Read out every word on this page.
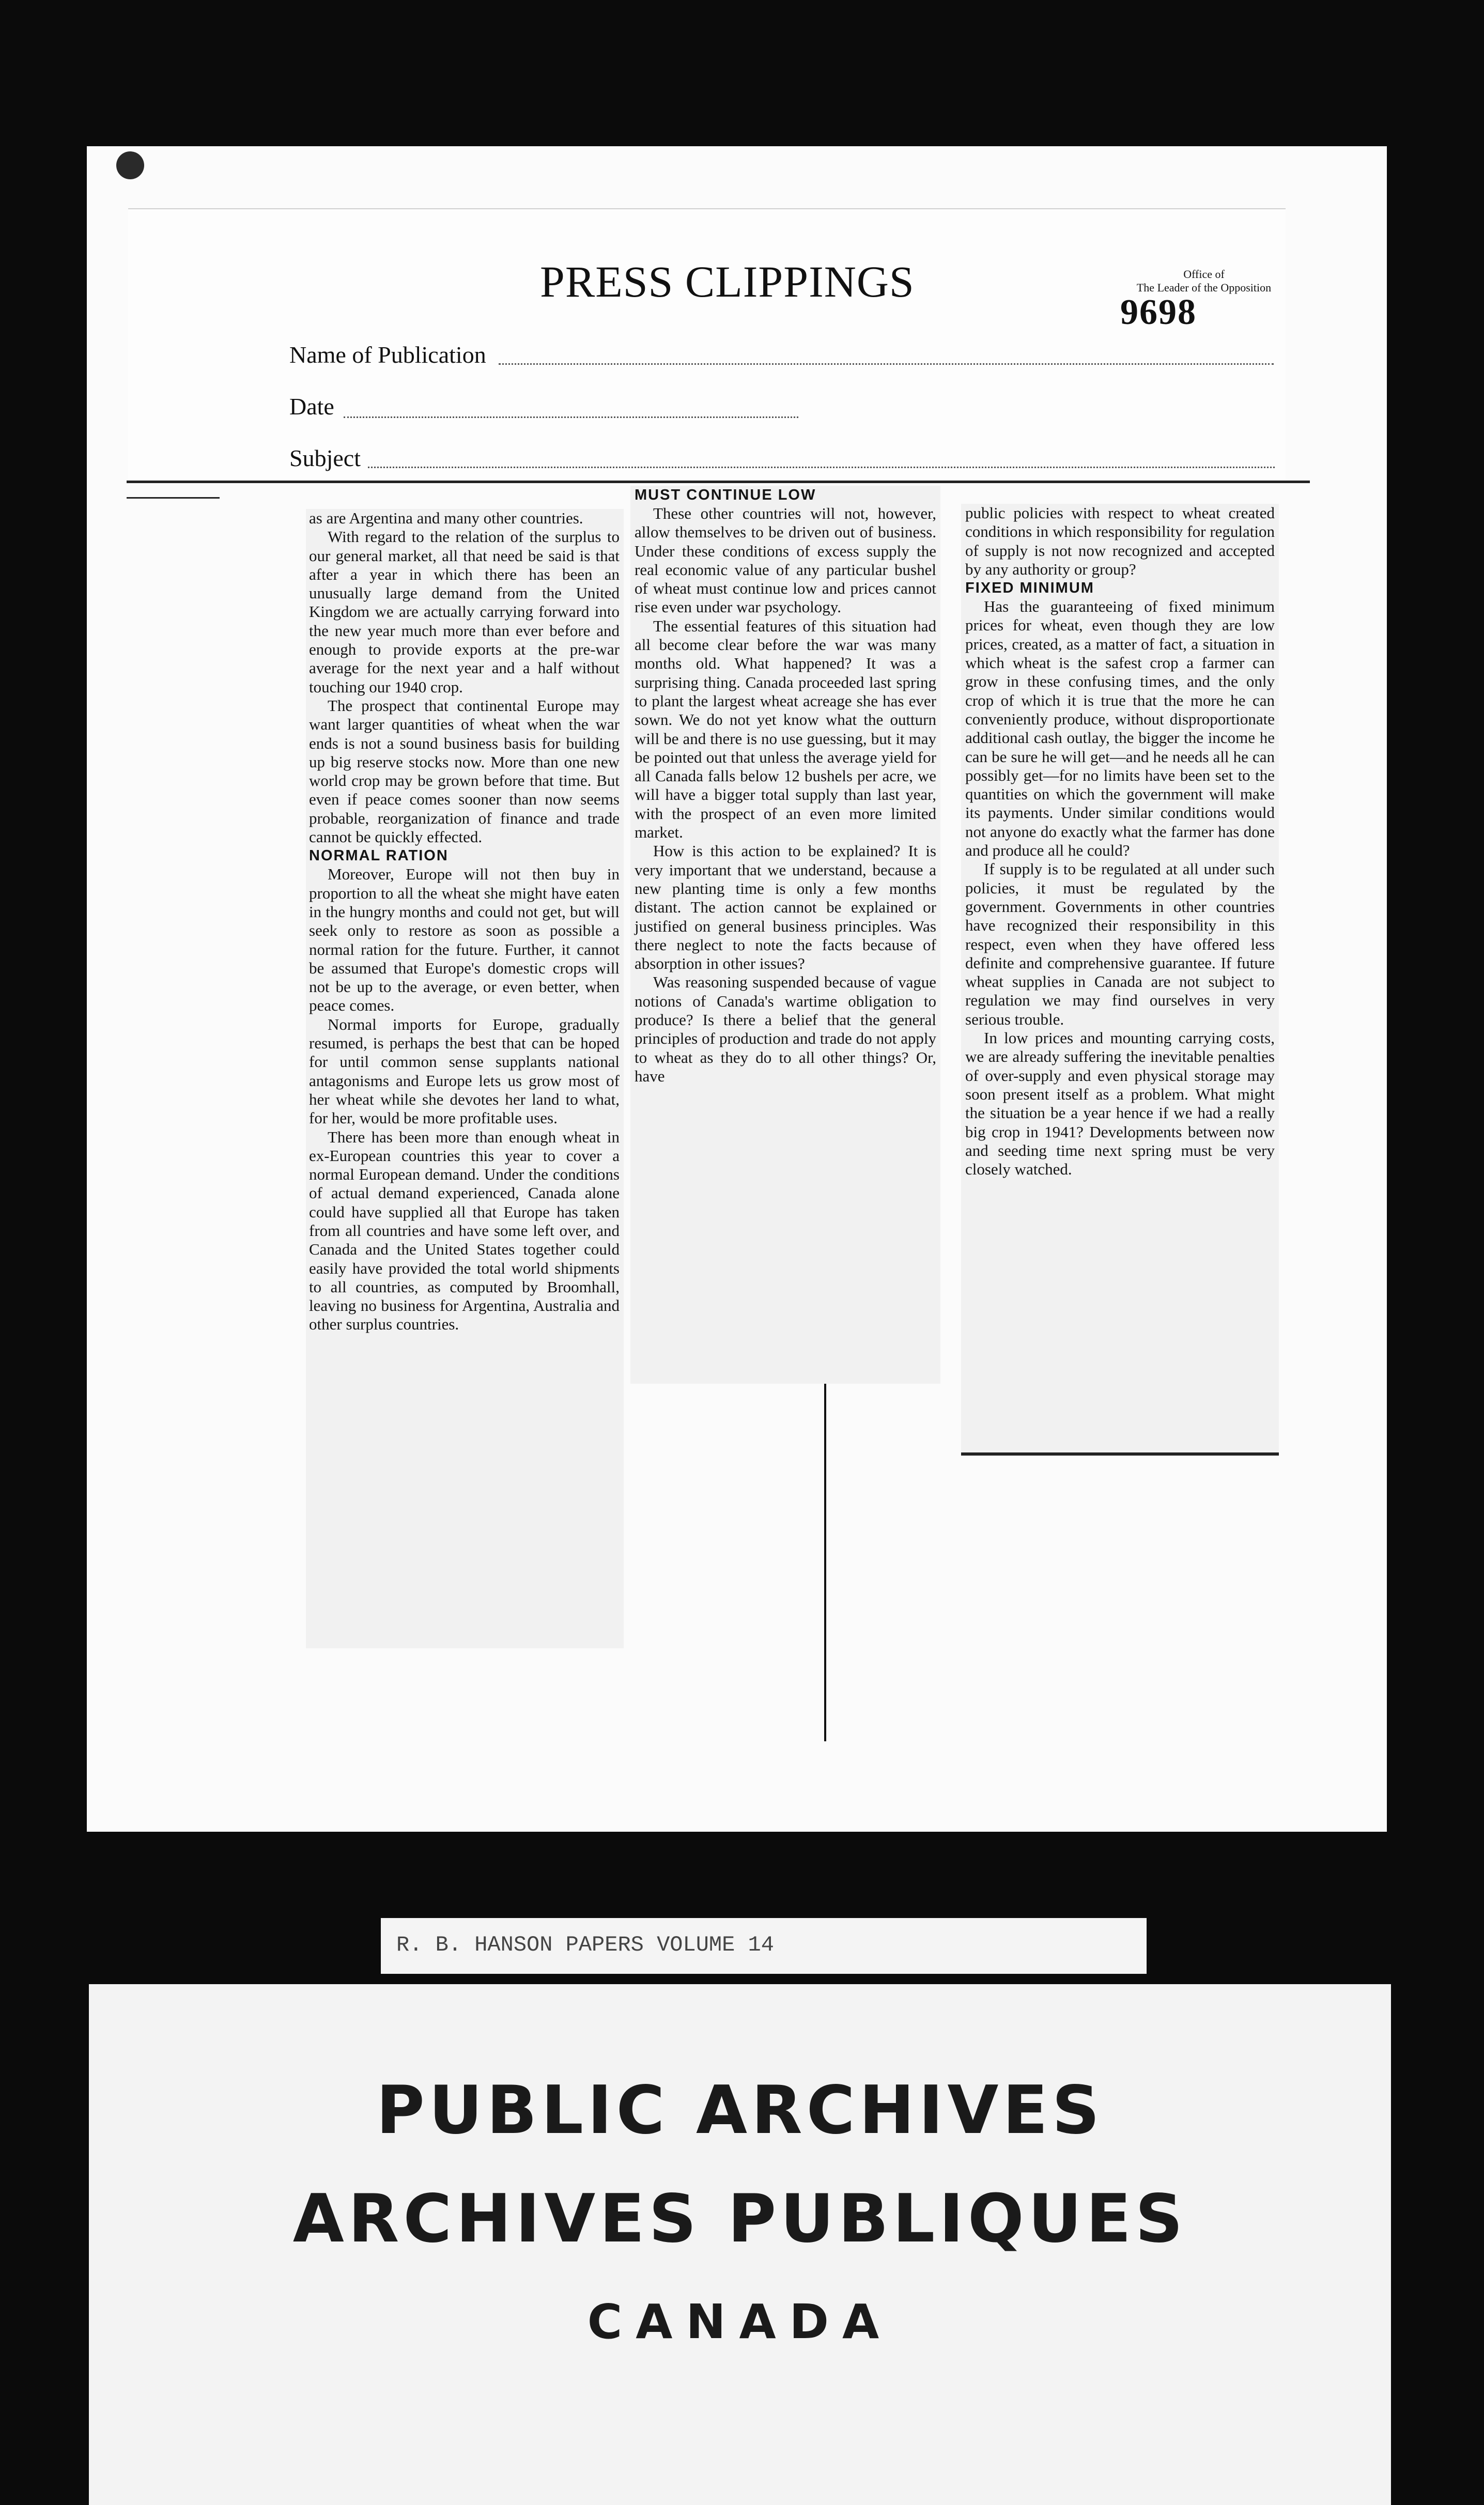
PRESS CLIPPINGS	Office of
The Leader of the Opposition
9698
Name of Publication
Date
Subject

as are Argentina and many other countries.

With regard to the relation of the surplus to our general market, all that need be said is that after a year in which there has been an unusually large demand from the United Kingdom we are actually carrying forward into the new year much more than ever before and enough to provide exports at the pre-war average for the next year and a half without touching our 1940 crop.

The prospect that continental Europe may want larger quantities of wheat when the war ends is not a sound business basis for building up big reserve stocks now. More than one new world crop may be grown before that time. But even if peace comes sooner than now seems probable, reorganization of finance and trade cannot be quickly effected.

NORMAL RATION

Moreover, Europe will not then buy in proportion to all the wheat she might have eaten in the hungry months and could not get, but will seek only to restore as soon as possible a normal ration for the future. Further, it cannot be assumed that Europe's domestic crops will not be up to the average, or even better, when peace comes.

Normal imports for Europe, gradually resumed, is perhaps the best that can be hoped for until common sense supplants national antagonisms and Europe lets us grow most of her wheat while she devotes her land to what, for her, would be more profitable uses.

There has been more than enough wheat in ex-European countries this year to cover a normal European demand. Under the conditions of actual demand experienced, Canada alone could have supplied all that Europe has taken from all countries and have some left over, and Canada and the United States together could easily have provided the total world shipments to all countries, as computed by Broomhall, leaving no business for Argentina, Australia and other surplus countries.

MUST CONTINUE LOW

These other countries will not, however, allow themselves to be driven out of business. Under these conditions of excess supply the real economic value of any particular bushel of wheat must continue low and prices cannot rise even under war psychology.

The essential features of this situation had all become clear before the war was many months old. What happened? It was a surprising thing. Canada proceeded last spring to plant the largest wheat acreage she has ever sown. We do not yet know what the outturn will be and there is no use guessing, but it may be pointed out that unless the average yield for all Canada falls below 12 bushels per acre, we will have a bigger total supply than last year, with the prospect of an even more limited market.

How is this action to be explained? It is very important that we understand, because a new planting time is only a few months distant. The action cannot be explained or justified on general business principles. Was there neglect to note the facts because of absorption in other issues?

Was reasoning suspended because of vague notions of Canada's wartime obligation to produce? Is there a belief that the general principles of production and trade do not apply to wheat as they do to all other things? Or, have

public policies with respect to wheat created conditions in which responsibility for regulation of supply is not now recognized and accepted by any authority or group?

FIXED MINIMUM

Has the guaranteeing of fixed minimum prices for wheat, even though they are low prices, created, as a matter of fact, a situation in which wheat is the safest crop a farmer can grow in these confusing times, and the only crop of which it is true that the more he can conveniently produce, without disproportionate additional cash outlay, the bigger the income he can be sure he will get—and he needs all he can possibly get—for no limits have been set to the quantities on which the government will make its payments. Under similar conditions would not anyone do exactly what the farmer has done and produce all he could?

If supply is to be regulated at all under such policies, it must be regulated by the government. Governments in other countries have recognized their responsibility in this respect, even when they have offered less definite and comprehensive guarantee. If future wheat supplies in Canada are not subject to regulation we may find ourselves in very serious trouble.

In low prices and mounting carrying costs, we are already suffering the inevitable penalties of over-supply and even physical storage may soon present itself as a problem. What might the situation be a year hence if we had a really big crop in 1941? Developments between now and seeding time next spring must be very closely watched.

R. B. HANSON PAPERS VOLUME 14
PUBLIC ARCHIVES
ARCHIVES PUBLIQUES
CANADA
